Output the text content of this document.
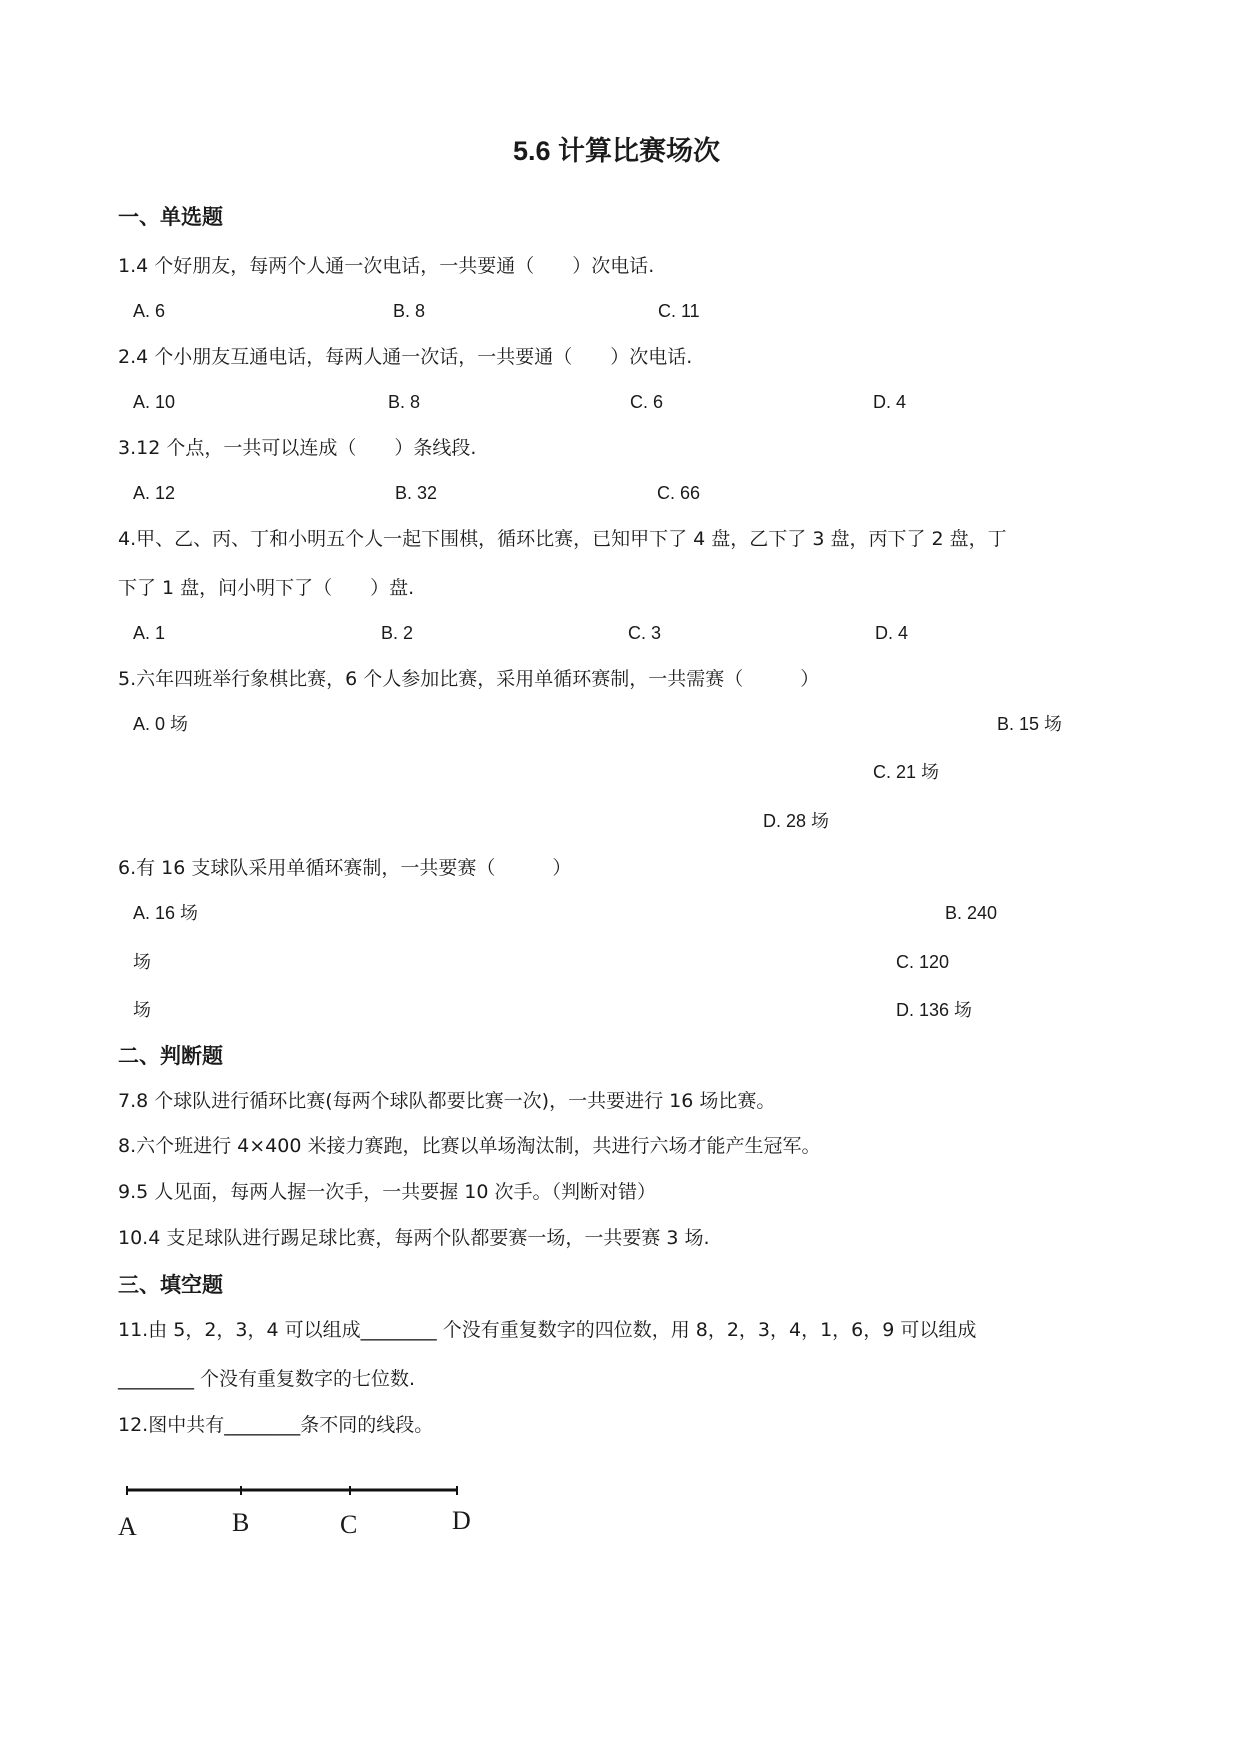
5.6 计算比赛场次
一、单选题
1.4 个好朋友，每两个人通一次电话，一共要通（　　）次电话.
A. 6	B. 8	C. 11
2.4 个小朋友互通电话，每两人通一次话，一共要通（　　）次电话.
A. 10	B. 8	C. 6	D. 4
3.12 个点，一共可以连成（　　）条线段.
A. 12	B. 32	C. 66
4.甲、乙、丙、丁和小明五个人一起下围棋，循环比赛，已知甲下了 4 盘，乙下了 3 盘，丙下了 2 盘，丁
下了 1 盘，问小明下了（　　）盘.
A. 1	B. 2	C. 3	D. 4
5.六年四班举行象棋比赛，6 个人参加比赛，采用单循环赛制，一共需赛（　　　）
A. 0 场	B. 15 场
C. 21 场
D. 28 场
6.有 16 支球队采用单循环赛制，一共要赛（　　　）
A. 16 场	B. 240
场	C. 120
场	D. 136 场
二、判断题
7.8 个球队进行循环比赛(每两个球队都要比赛一次)，一共要进行 16 场比赛。
8.六个班进行 4×400 米接力赛跑，比赛以单场淘汰制，共进行六场才能产生冠军。
9.5 人见面，每两人握一次手，一共要握 10 次手。（判断对错）
10.4 支足球队进行踢足球比赛，每两个队都要赛一场，一共要赛 3 场.
三、填空题
11.由 5，2，3，4 可以组成________ 个没有重复数字的四位数，用 8，2，3，4，1，6，9 可以组成
________ 个没有重复数字的七位数.
12.图中共有________条不同的线段。
A	B	C	D
